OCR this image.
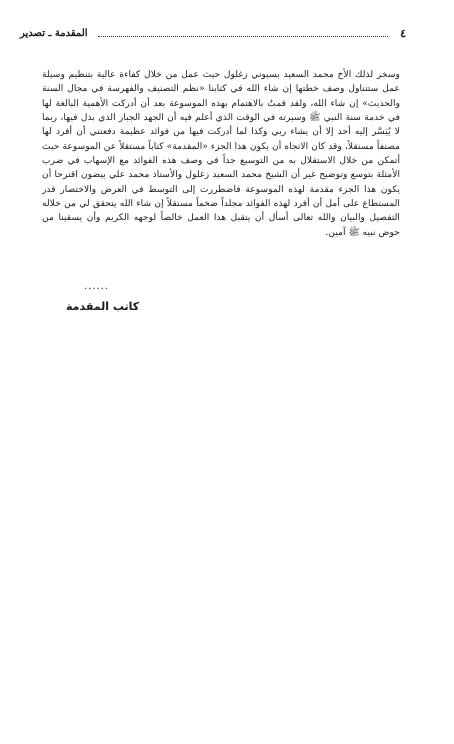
٤
المقدمة ـ تصدير

وسخر لذلك الأخ محمد السعيد بسيوني زغلول حيث عمل من خلال كفاءة عالية بتنظيم وسيلة عمل ستتناول وصف خطتها إن شاء الله في كتابنا «نظم التصنيف والفهرسة في مجال السنة والحديث» إن شاء الله، ولقد قمتُ بالاهتمام بهذه الموسوعة بعد أن أدركت الأهمية البالغة لها في خدمة سنة النبي ﷺ وسيرته في الوقت الذي أعلم فيه أن الجهد الجبار الذي بذل فيها، ربما لا يُيَسَّر إليه أحد إلا أن يشاء ربي وكذا لما أدركت فيها من فوائد عظيمة دفعتني أن أفرد لها مصنفاً مستقلاً، وقد كان الاتجاه أن يكون هذا الجزء «المقدمة» كتاباً مستقلاً عن الموسوعة حيث أتمكن من خلال الاستقلال به من التوسيع جداً في وصف هذه الفوائد مع الإسهاب في ضرب الأمثلة بتوسع وتوضيح غير أن الشيخ محمد السعيد زغلول والأستاذ محمد علي بيضون اقترحا أن يكون هذا الجزء مقدمة لهذه الموسوعة فاضطررت إلى التوسط في العرض والاختصار قدر المستطاع على أمل أن أفرد لهذه الفوائد مجلداً ضخماً مستقلاً إن شاء الله يتحقق لي من خلاله التفصيل والبيان والله تعالى أسأل أن يتقبل هذا العمل خالصاً لوجهه الكريم وأن يسقينا من حوض نبيه ﷺ آمين.

......
كاتب المقدمة
